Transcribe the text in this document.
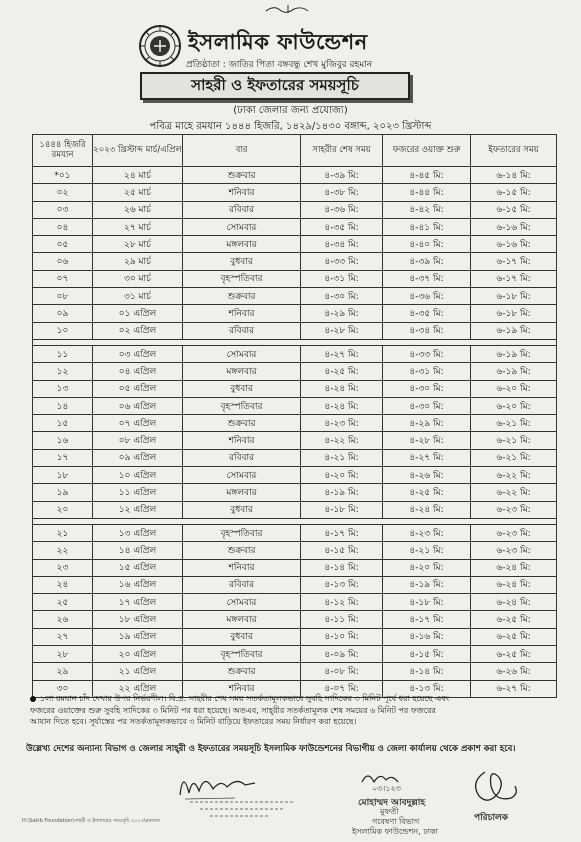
ইসলামিক ফাউন্ডেশন
প্রতিষ্ঠাতা : জাতির পিতা বঙ্গবন্ধু শেখ মুজিবুর রহমান
সাহরী ও ইফতারের সময়সূচি
(ঢাকা জেলার জন্য প্রযোজ্য)
পবিত্র মাহে রমযান ১৪৪৪ হিজরি, ১৪২৯/১৪৩০ বঙ্গাব্দ, ২০২৩ খ্রিস্টাব্দ
১৪৪৪ হিজরি রমযান	২০২৩ খ্রিস্টাব্দ মার্চ/এপ্রিল	বার	সাহরীর শেষ সময়	ফজরের ওয়াক্ত শুরু	ইফতারের সময়
*০১	২৪ মার্চ	শুক্রবার	৪-৩৯ মি:	৪-৪৫ মি:	৬-১৪ মি:
০২	২৫ মার্চ	শনিবার	৪-৩৮ মি:	৪-৪৪ মি:	৬-১৫ মি:
০৩	২৬ মার্চ	রবিবার	৪-৩৬ মি:	৪-৪২ মি:	৬-১৫ মি:
০৪	২৭ মার্চ	সোমবার	৪-৩৫ মি:	৪-৪১ মি:	৬-১৬ মি:
০৫	২৮ মার্চ	মঙ্গলবার	৪-৩৪ মি:	৪-৪০ মি:	৬-১৬ মি:
০৬	২৯ মার্চ	বুধবার	৪-৩৩ মি:	৪-৩৯ মি:	৬-১৭ মি:
০৭	৩০ মার্চ	বৃহস্পতিবার	৪-৩১ মি:	৪-৩৭ মি:	৬-১৭ মি:
০৮	৩১ মার্চ	শুক্রবার	৪-৩০ মি:	৪-৩৬ মি:	৬-১৮ মি:
০৯	০১ এপ্রিল	শনিবার	৪-২৯ মি:	৪-৩৫ মি:	৬-১৮ মি:
১০	০২ এপ্রিল	রবিবার	৪-২৮ মি:	৪-৩৪ মি:	৬-১৯ মি:

১১	০৩ এপ্রিল	সোমবার	৪-২৭ মি:	৪-৩৩ মি:	৬-১৯ মি:
১২	০৪ এপ্রিল	মঙ্গলবার	৪-২৫ মি:	৪-৩১ মি:	৬-১৯ মি:
১৩	০৫ এপ্রিল	বুধবার	৪-২৪ মি:	৪-৩০ মি:	৬-২০ মি:
১৪	০৬ এপ্রিল	বৃহস্পতিবার	৪-২৪ মি:	৪-৩০ মি:	৬-২০ মি:
১৫	০৭ এপ্রিল	শুক্রবার	৪-২৩ মি:	৪-২৯ মি:	৬-২১ মি:
১৬	০৮ এপ্রিল	শনিবার	৪-২২ মি:	৪-২৮ মি:	৬-২১ মি:
১৭	০৯ এপ্রিল	রবিবার	৪-২১ মি:	৪-২৭ মি:	৬-২১ মি:
১৮	১০ এপ্রিল	সোমবার	৪-২০ মি:	৪-২৬ মি:	৬-২২ মি:
১৯	১১ এপ্রিল	মঙ্গলবার	৪-১৯ মি:	৪-২৫ মি:	৬-২২ মি:
২০	১২ এপ্রিল	বুধবার	৪-১৮ মি:	৪-২৪ মি:	৬-২৩ মি:

২১	১৩ এপ্রিল	বৃহস্পতিবার	৪-১৭ মি:	৪-২৩ মি:	৬-২৩ মি:
২২	১৪ এপ্রিল	শুক্রবার	৪-১৫ মি:	৪-২১ মি:	৬-২৩ মি:
২৩	১৫ এপ্রিল	শনিবার	৪-১৪ মি:	৪-২০ মি:	৬-২৪ মি:
২৪	১৬ এপ্রিল	রবিবার	৪-১৩ মি:	৪-১৯ মি:	৬-২৪ মি:
২৫	১৭ এপ্রিল	সোমবার	৪-১২ মি:	৪-১৮ মি:	৬-২৪ মি:
২৬	১৮ এপ্রিল	মঙ্গলবার	৪-১১ মি:	৪-১৭ মি:	৬-২৫ মি:
২৭	১৯ এপ্রিল	বুধবার	৪-১০ মি:	৪-১৬ মি:	৬-২৫ মি:
২৮	২০ এপ্রিল	বৃহস্পতিবার	৪-০৯ মি:	৪-১৫ মি:	৬-২৫ মি:
২৯	২১ এপ্রিল	শুক্রবার	৪-০৮ মি:	৪-১৪ মি:	৬-২৬ মি:
৩০	২২ এপ্রিল	শনিবার	৪-০৭ মি:	৪-১৩ মি:	৬-২৭ মি:
১লা রমযান চাঁদ দেখার উপর নির্ভরশীল। বি:দ্র: সাহরীর শেষ সময় সতর্কতামূলকভাবে সুবহি সাদিকের ৩ মিনিট পূর্বে ধরা হয়েছে এবং
ফজরের ওয়াক্তের শুরু সুবহি সাদিকের ৩ মিনিট পর ধরা হয়েছে। অতএব, সাহ্‌রীর সতর্কতামূলক শেষ সময়ের ৬ মিনিট পর ফজরের
আযান দিতে হবে। সূর্যাস্তের পর সতর্কতামূলকভাবে ৩ মিনিট বাড়িয়ে ইফতারের সময় নির্ধারণ করা হয়েছে।
উল্লেখ্য দেশের অন্যান্য বিভাগ ও জেলার সাহ্‌রী ও ইফতারের সময়সূচি ইসলামিক ফাউন্ডেশনের বিভাগীয় ও জেলা কার্যালয় থেকে প্রকাশ করা হবে।
০৩।১২৩
মোহাম্মদ আবদুল্লাহ
মুফতী
গবেষণা বিভাগ
ইসলামিক ফাউন্ডেশন, ঢাকা
পরিচালক
H:\Sakib Foundation\সাহরী ও ইফতারের সময়সূচি ২০২৩\রমজান
